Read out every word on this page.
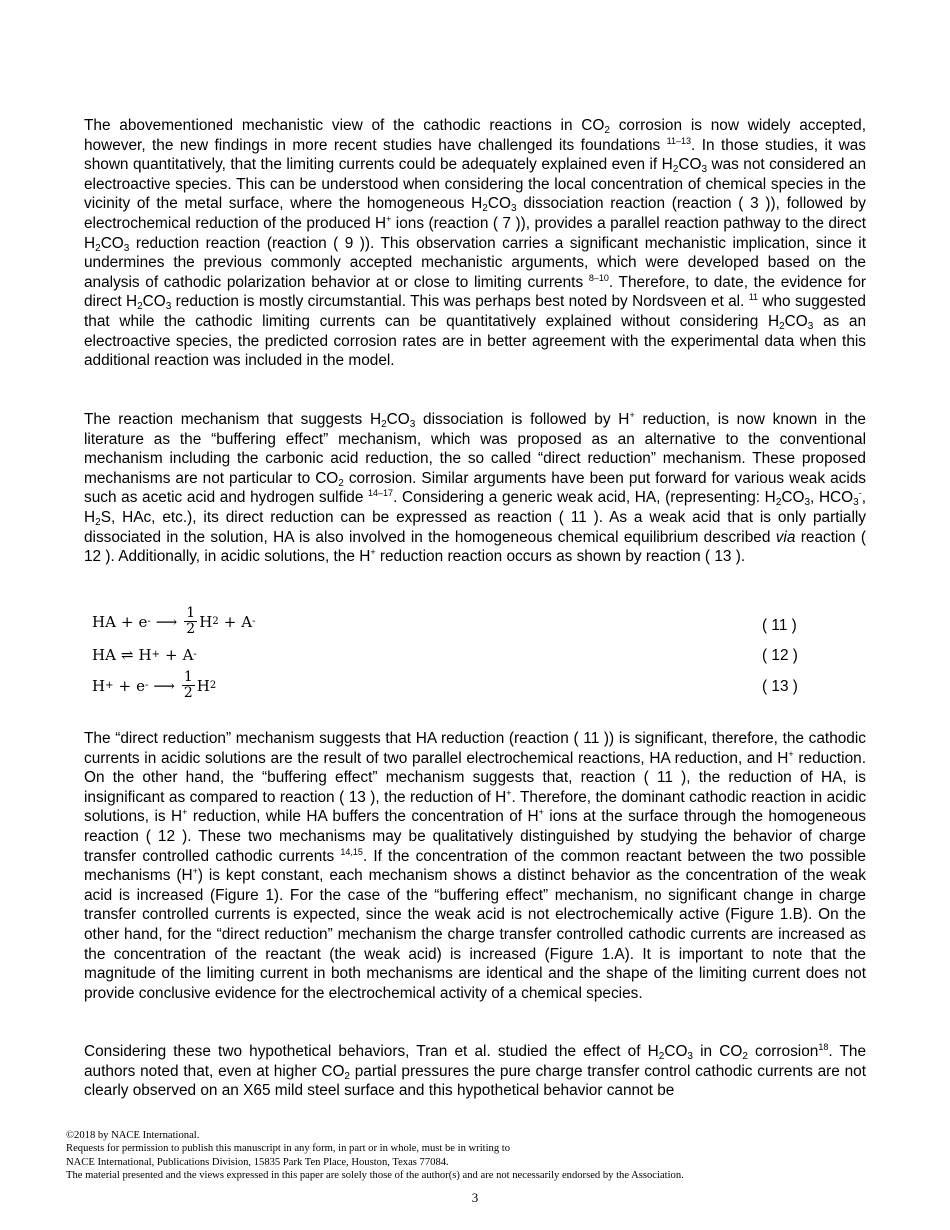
The abovementioned mechanistic view of the cathodic reactions in $CO_2$ corrosion is now widely accepted, however, the new findings in more recent studies have challenged its foundations $^{11-13}$. In those studies, it was shown quantitatively, that the limiting currents could be adequately explained even if $H_2CO_3$ was not considered an electroactive species. This can be understood when considering the local concentration of chemical species in the vicinity of the metal surface, where the homogeneous $H_2CO_3$ dissociation reaction (reaction ( 3 )), followed by electrochemical reduction of the produced H+ ions (reaction ( 7 )), provides a parallel reaction pathway to the direct $H_2CO_3$ reduction reaction (reaction ( 9 )). This observation carries a significant mechanistic implication, since it undermines the previous commonly accepted mechanistic arguments, which were developed based on the analysis of cathodic polarization behavior at or close to limiting currents $^{8-10}$. Therefore, to date, the evidence for direct $H_2CO_3$ reduction is mostly circumstantial. This was perhaps best noted by Nordsveen et al. $^{11}$ who suggested that while the cathodic limiting currents can be quantitatively explained without considering $H_2CO_3$ as an electroactive species, the predicted corrosion rates are in better agreement with the experimental data when this additional reaction was included in the model.

The reaction mechanism that suggests $H_2CO_3$ dissociation is followed by H+ reduction, is now known in the literature as the “buffering effect” mechanism, which was proposed as an alternative to the conventional mechanism including the carbonic acid reduction, the so called “direct reduction” mechanism. These proposed mechanisms are not particular to $CO_2$ corrosion. Similar arguments have been put forward for various weak acids such as acetic acid and hydrogen sulfide $^{14-17}$. Considering a generic weak acid, HA, (representing: $H_2CO_3$, $HCO_3^-$, $H_2S$, HAc, etc.), its direct reduction can be expressed as reaction ( 11 ). As a weak acid that is only partially dissociated in the solution, HA is also involved in the homogeneous chemical equilibrium described via reaction ( 12 ). Additionally, in acidic solutions, the H+ reduction reaction occurs as shown by reaction ( 13 ).

HA + e - ⟶ $\frac{1}{2}$ H 2 + A -	( 11 )
HA ⇌ H + + A -	( 12 )
H + + e - ⟶ $\frac{1}{2}$ H 2	( 13 )

The “direct reduction” mechanism suggests that HA reduction (reaction ( 11 )) is significant, therefore, the cathodic currents in acidic solutions are the result of two parallel electrochemical reactions, HA reduction, and H+ reduction. On the other hand, the “buffering effect” mechanism suggests that, reaction ( 11 ), the reduction of HA, is insignificant as compared to reaction ( 13 ), the reduction of H+. Therefore, the dominant cathodic reaction in acidic solutions, is H+ reduction, while HA buffers the concentration of H+ ions at the surface through the homogeneous reaction ( 12 ). These two mechanisms may be qualitatively distinguished by studying the behavior of charge transfer controlled cathodic currents $^{14,15}$. If the concentration of the common reactant between the two possible mechanisms (H+) is kept constant, each mechanism shows a distinct behavior as the concentration of the weak acid is increased (Figure 1). For the case of the “buffering effect” mechanism, no significant change in charge transfer controlled currents is expected, since the weak acid is not electrochemically active (Figure 1.B). On the other hand, for the “direct reduction” mechanism the charge transfer controlled cathodic currents are increased as the concentration of the reactant (the weak acid) is increased (Figure 1.A). It is important to note that the magnitude of the limiting current in both mechanisms are identical and the shape of the limiting current does not provide conclusive evidence for the electrochemical activity of a chemical species.

Considering these two hypothetical behaviors, Tran et al. studied the effect of $H_2CO_3$ in $CO_2$ corrosion$^{18}$. The authors noted that, even at higher $CO_2$ partial pressures the pure charge transfer control cathodic currents are not clearly observed on an X65 mild steel surface and this hypothetical behavior cannot be

©2018 by NACE International.
Requests for permission to publish this manuscript in any form, in part or in whole, must be in writing to
NACE International, Publications Division, 15835 Park Ten Place, Houston, Texas 77084.
The material presented and the views expressed in this paper are solely those of the author(s) and are not necessarily endorsed by the Association.
3
